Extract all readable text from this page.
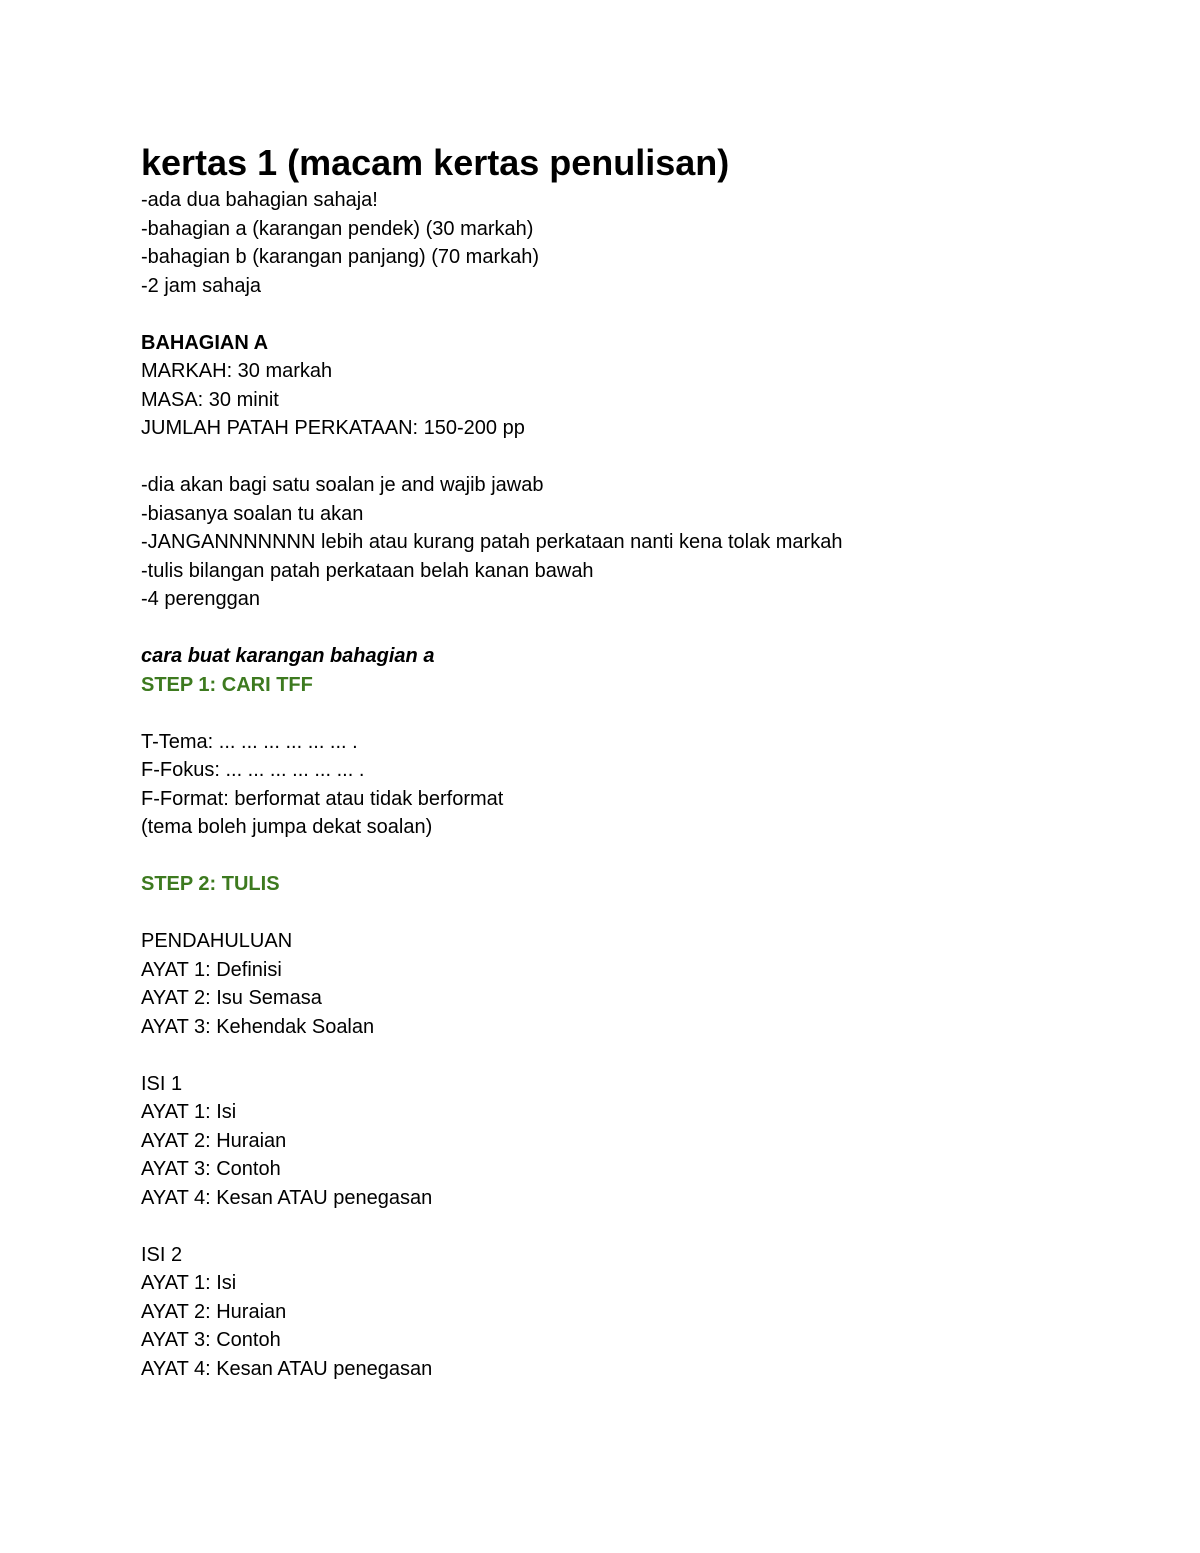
kertas 1 (macam kertas penulisan)
-ada dua bahagian sahaja!
-bahagian a (karangan pendek) (30 markah)
-bahagian b (karangan panjang) (70 markah)
-2 jam sahaja
BAHAGIAN A
MARKAH: 30 markah
MASA: 30 minit
JUMLAH PATAH PERKATAAN: 150-200 pp
-dia akan bagi satu soalan je and wajib jawab
-biasanya soalan tu akan
-JANGANNNNNNN lebih atau kurang patah perkataan nanti kena tolak markah
-tulis bilangan patah perkataan belah kanan bawah
-4 perenggan
cara buat karangan bahagian a
STEP 1: CARI TFF
T-Tema: ... ... ... ... ... ... .
F-Fokus: ... ... ... ... ... ... .
F-Format: berformat atau tidak berformat
(tema boleh jumpa dekat soalan)
STEP 2: TULIS
PENDAHULUAN
AYAT 1: Definisi
AYAT 2: Isu Semasa
AYAT 3: Kehendak Soalan
ISI 1
AYAT 1: Isi
AYAT 2: Huraian
AYAT 3: Contoh
AYAT 4: Kesan ATAU penegasan
ISI 2
AYAT 1: Isi
AYAT 2: Huraian
AYAT 3: Contoh
AYAT 4: Kesan ATAU penegasan
